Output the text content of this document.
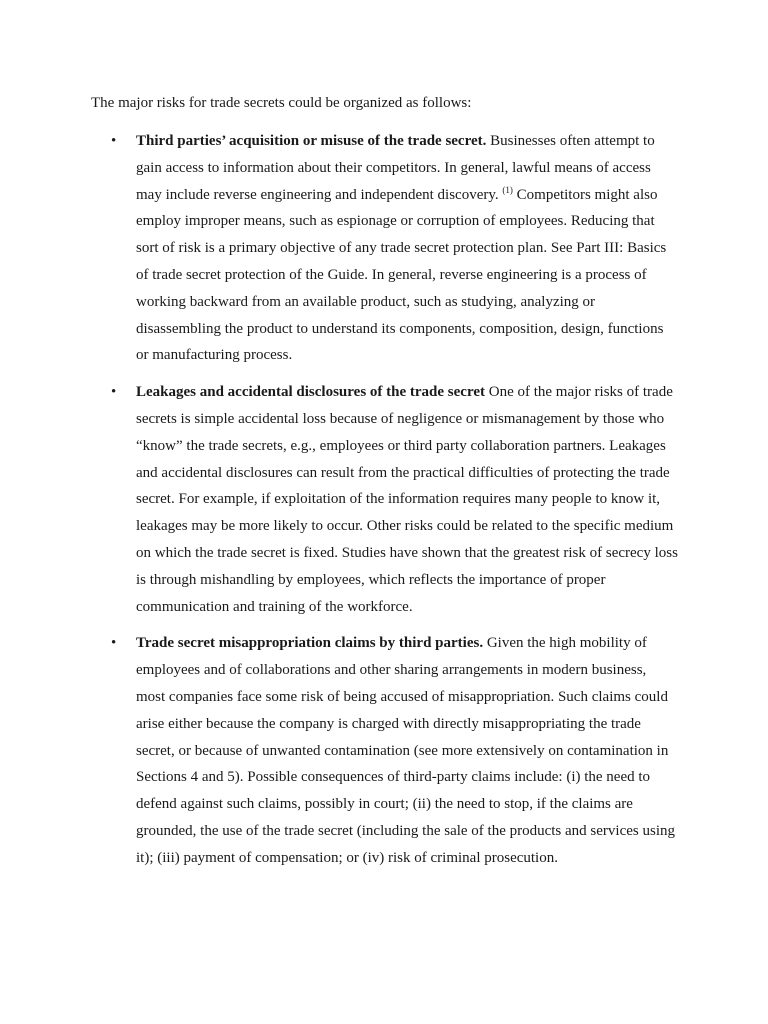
The major risks for trade secrets could be organized as follows:

•	Third parties’ acquisition or misuse of the trade secret. Businesses often attempt to gain access to information about their competitors. In general, lawful means of access may include reverse engineering and independent discovery. $^{(1)}$ Competitors might also employ improper means, such as espionage or corruption of employees. Reducing that sort of risk is a primary objective of any trade secret protection plan. See Part III: Basics of trade secret protection of the Guide. In general, reverse engineering is a process of working backward from an available product, such as studying, analyzing or disassembling the product to understand its components, composition, design, functions or manufacturing process.
•	Leakages and accidental disclosures of the trade secret One of the major risks of trade secrets is simple accidental loss because of negligence or mismanagement by those who “know” the trade secrets, e.g., employees or third party collaboration partners. Leakages and accidental disclosures can result from the practical difficulties of protecting the trade secret. For example, if exploitation of the information requires many people to know it, leakages may be more likely to occur. Other risks could be related to the specific medium on which the trade secret is fixed. Studies have shown that the greatest risk of secrecy loss is through mishandling by employees, which reflects the importance of proper communication and training of the workforce.
•	Trade secret misappropriation claims by third parties. Given the high mobility of employees and of collaborations and other sharing arrangements in modern business, most companies face some risk of being accused of misappropriation. Such claims could arise either because the company is charged with directly misappropriating the trade secret, or because of unwanted contamination (see more extensively on contamination in Sections 4 and 5). Possible consequences of third-party claims include: (i) the need to defend against such claims, possibly in court; (ii) the need to stop, if the claims are grounded, the use of the trade secret (including the sale of the products and services using it); (iii) payment of compensation; or (iv) risk of criminal prosecution.
